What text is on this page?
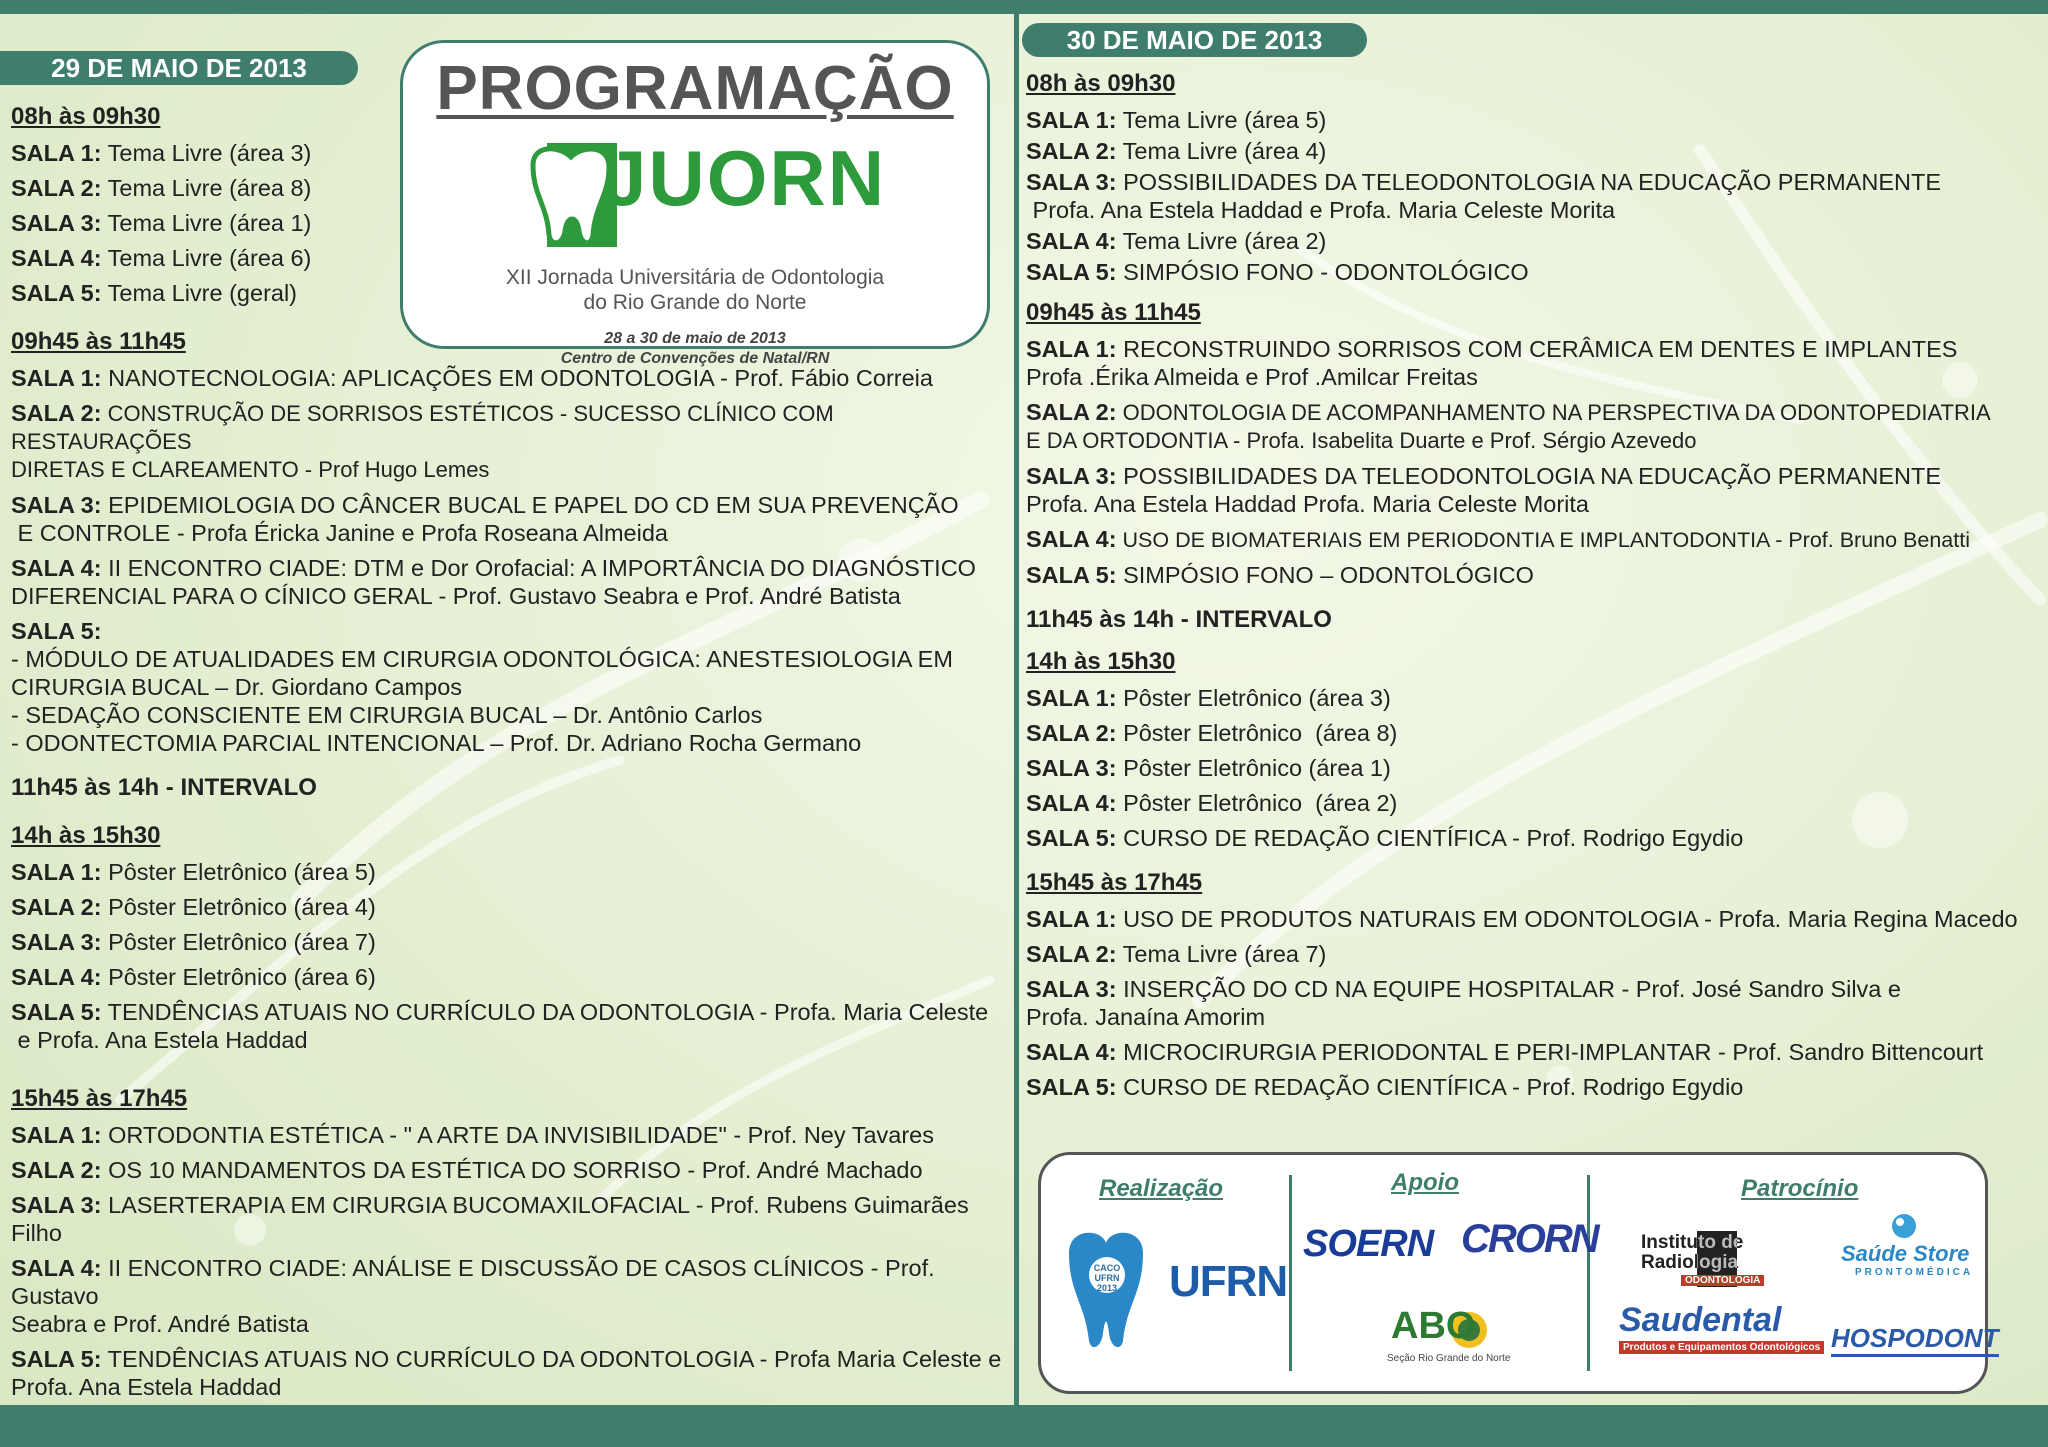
29 DE MAIO DE 2013	PROGRAMAÇÃO
JUORN
XII Jornada Universitária de Odontologia
do Rio Grande do Norte
28 a 30 de maio de 2013
Centro de Convenções de Natal/RN
08h às 09h30
SALA 1: Tema Livre (área 3)
SALA 2: Tema Livre (área 8)
SALA 3: Tema Livre (área 1)
SALA 4: Tema Livre (área 6)
SALA 5: Tema Livre (geral)
09h45 às 11h45
SALA 1: NANOTECNOLOGIA: APLICAÇÕES EM ODONTOLOGIA - Prof. Fábio Correia
SALA 2: CONSTRUÇÃO DE SORRISOS ESTÉTICOS - SUCESSO CLÍNICO COM RESTAURAÇÕES
DIRETAS E CLAREAMENTO - Prof Hugo Lemes
SALA 3: EPIDEMIOLOGIA DO CÂNCER BUCAL E PAPEL DO CD EM SUA PREVENÇÃO
E CONTROLE - Profa Éricka Janine e Profa Roseana Almeida
SALA 4: II ENCONTRO CIADE: DTM e Dor Orofacial: A IMPORTÂNCIA DO DIAGNÓSTICO
DIFERENCIAL PARA O CÍNICO GERAL - Prof. Gustavo Seabra e Prof. André Batista
SALA 5:
- MÓDULO DE ATUALIDADES EM CIRURGIA ODONTOLÓGICA: ANESTESIOLOGIA EM
CIRURGIA BUCAL – Dr. Giordano Campos
- SEDAÇÃO CONSCIENTE EM CIRURGIA BUCAL – Dr. Antônio Carlos
- ODONTECTOMIA PARCIAL INTENCIONAL – Prof. Dr. Adriano Rocha Germano
11h45 às 14h - INTERVALO
14h às 15h30
SALA 1: Pôster Eletrônico (área 5)
SALA 2: Pôster Eletrônico (área 4)
SALA 3: Pôster Eletrônico (área 7)
SALA 4: Pôster Eletrônico (área 6)
SALA 5: TENDÊNCIAS ATUAIS NO CURRÍCULO DA ODONTOLOGIA - Profa. Maria Celeste
e Profa. Ana Estela Haddad
15h45 às 17h45
SALA 1: ORTODONTIA ESTÉTICA - " A ARTE DA INVISIBILIDADE" - Prof. Ney Tavares
SALA 2: OS 10 MANDAMENTOS DA ESTÉTICA DO SORRISO - Prof. André Machado
SALA 3: LASERTERAPIA EM CIRURGIA BUCOMAXILOFACIAL - Prof. Rubens Guimarães Filho
SALA 4: II ENCONTRO CIADE: ANÁLISE E DISCUSSÃO DE CASOS CLÍNICOS - Prof. Gustavo
Seabra e Prof. André Batista
SALA 5: TENDÊNCIAS ATUAIS NO CURRÍCULO DA ODONTOLOGIA - Profa Maria Celeste e
Profa. Ana Estela Haddad
30 DE MAIO DE 2013
08h às 09h30
SALA 1: Tema Livre (área 5)
SALA 2: Tema Livre (área 4)
SALA 3: POSSIBILIDADES DA TELEODONTOLOGIA NA EDUCAÇÃO PERMANENTE
Profa. Ana Estela Haddad e Profa. Maria Celeste Morita
SALA 4: Tema Livre (área 2)
SALA 5: SIMPÓSIO FONO - ODONTOLÓGICO
09h45 às 11h45
SALA 1: RECONSTRUINDO SORRISOS COM CERÂMICA EM DENTES E IMPLANTES
Profa .Érika Almeida e Prof .Amilcar Freitas
SALA 2: ODONTOLOGIA DE ACOMPANHAMENTO NA PERSPECTIVA DA ODONTOPEDIATRIA
E DA ORTODONTIA - Profa. Isabelita Duarte e Prof. Sérgio Azevedo
SALA 3: POSSIBILIDADES DA TELEODONTOLOGIA NA EDUCAÇÃO PERMANENTE
Profa. Ana Estela Haddad Profa. Maria Celeste Morita
SALA 4: USO DE BIOMATERIAIS EM PERIODONTIA E IMPLANTODONTIA - Prof. Bruno Benatti
SALA 5: SIMPÓSIO FONO – ODONTOLÓGICO
11h45 às 14h - INTERVALO
14h às 15h30
SALA 1: Pôster Eletrônico (área 3)
SALA 2: Pôster Eletrônico  (área 8)
SALA 3: Pôster Eletrônico (área 1)
SALA 4: Pôster Eletrônico  (área 2)
SALA 5: CURSO DE REDAÇÃO CIENTÍFICA - Prof. Rodrigo Egydio
15h45 às 17h45
SALA 1: USO DE PRODUTOS NATURAIS EM ODONTOLOGIA - Profa. Maria Regina Macedo
SALA 2: Tema Livre (área 7)
SALA 3: INSERÇÃO DO CD NA EQUIPE HOSPITALAR - Prof. José Sandro Silva e
Profa. Janaína Amorim
SALA 4: MICROCIRURGIA PERIODONTAL E PERI-IMPLANTAR - Prof. Sandro Bittencourt
SALA 5: CURSO DE REDAÇÃO CIENTÍFICA - Prof. Rodrigo Egydio
Realização	Apoio	Patrocínio
CACO UFRN 2013 UFRN
SOERN CRORN
ABO
Seção Rio Grande do Norte
Instituto de Radiologia
ODONTOLOGIA
Saúde Store
PRONTOMÉDICA
Saudental
Produtos e Equipamentos Odontológicos HOSPODONT
